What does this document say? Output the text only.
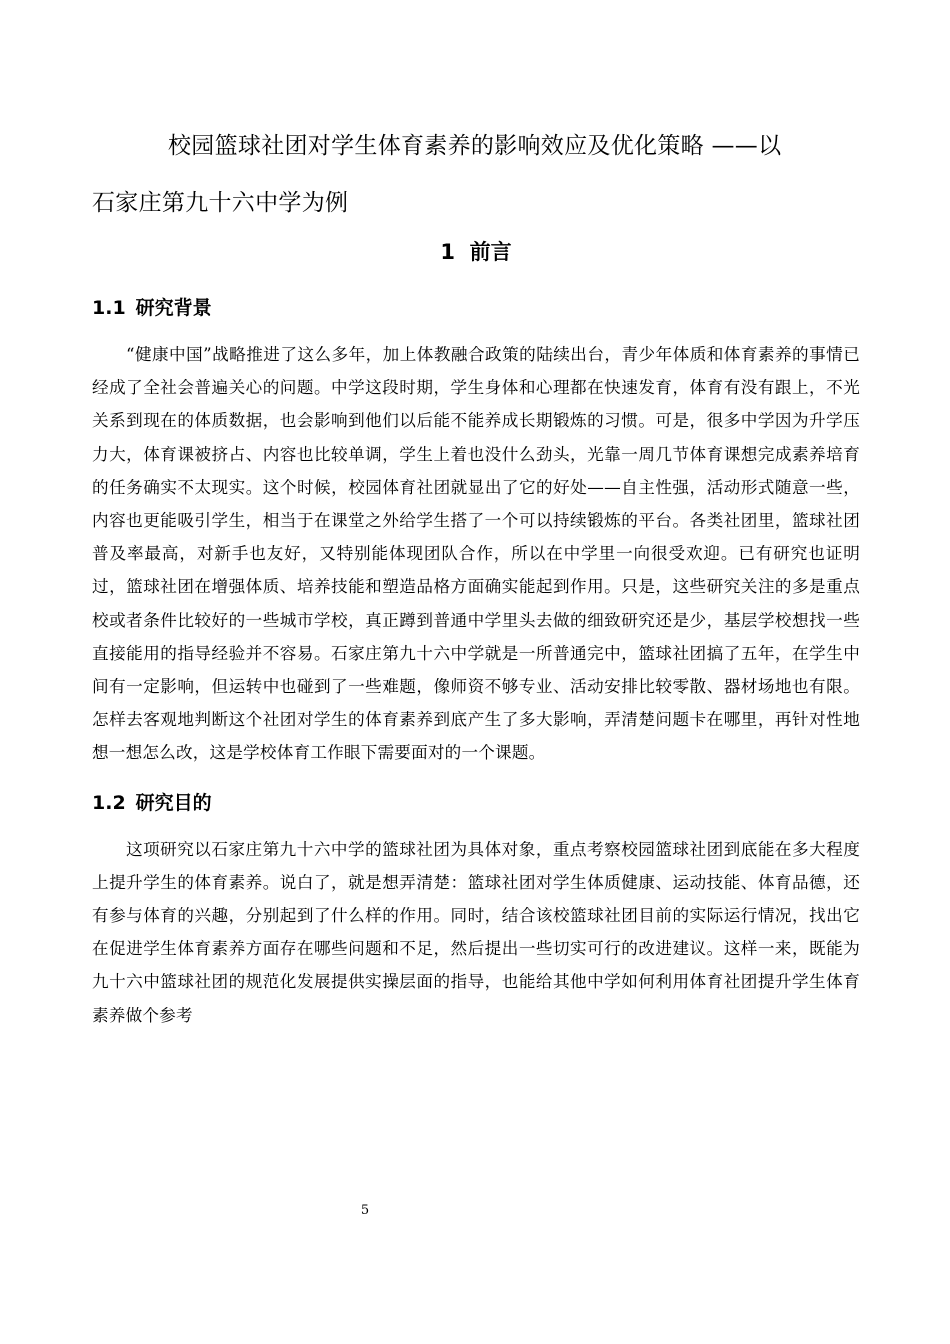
校园篮球社团对学生体育素养的影响效应及优化策略 ——以
石家庄第九十六中学为例
1 前言
1.1 研究背景

“健康中国”战略推进了这么多年，加上体教融合政策的陆续出台，青少年体质和体育素养的事情已经成了全社会普遍关心的问题。中学这段时期，学生身体和心理都在快速发育，体育有没有跟上，不光关系到现在的体质数据，也会影响到他们以后能不能养成长期锻炼的习惯。可是，很多中学因为升学压力大，体育课被挤占、内容也比较单调，学生上着也没什么劲头，光靠一周几节体育课想完成素养培育的任务确实不太现实。这个时候，校园体育社团就显出了它的好处——自主性强，活动形式随意一些，内容也更能吸引学生，相当于在课堂之外给学生搭了一个可以持续锻炼的平台。各类社团里，篮球社团普及率最高，对新手也友好，又特别能体现团队合作，所以在中学里一向很受欢迎。已有研究也证明过，篮球社团在增强体质、培养技能和塑造品格方面确实能起到作用。只是，这些研究关注的多是重点校或者条件比较好的一些城市学校，真正蹲到普通中学里头去做的细致研究还是少，基层学校想找一些直接能用的指导经验并不容易。石家庄第九十六中学就是一所普通完中，篮球社团搞了五年，在学生中间有一定影响，但运转中也碰到了一些难题，像师资不够专业、活动安排比较零散、器材场地也有限。怎样去客观地判断这个社团对学生的体育素养到底产生了多大影响，弄清楚问题卡在哪里，再针对性地想一想怎么改，这是学校体育工作眼下需要面对的一个课题。

1.2 研究目的

这项研究以石家庄第九十六中学的篮球社团为具体对象，重点考察校园篮球社团到底能在多大程度上提升学生的体育素养。说白了，就是想弄清楚：篮球社团对学生体质健康、运动技能、体育品德，还有参与体育的兴趣，分别起到了什么样的作用。同时，结合该校篮球社团目前的实际运行情况，找出它在促进学生体育素养方面存在哪些问题和不足，然后提出一些切实可行的改进建议。这样一来，既能为九十六中篮球社团的规范化发展提供实操层面的指导，也能给其他中学如何利用体育社团提升学生体育素养做个参考

5
